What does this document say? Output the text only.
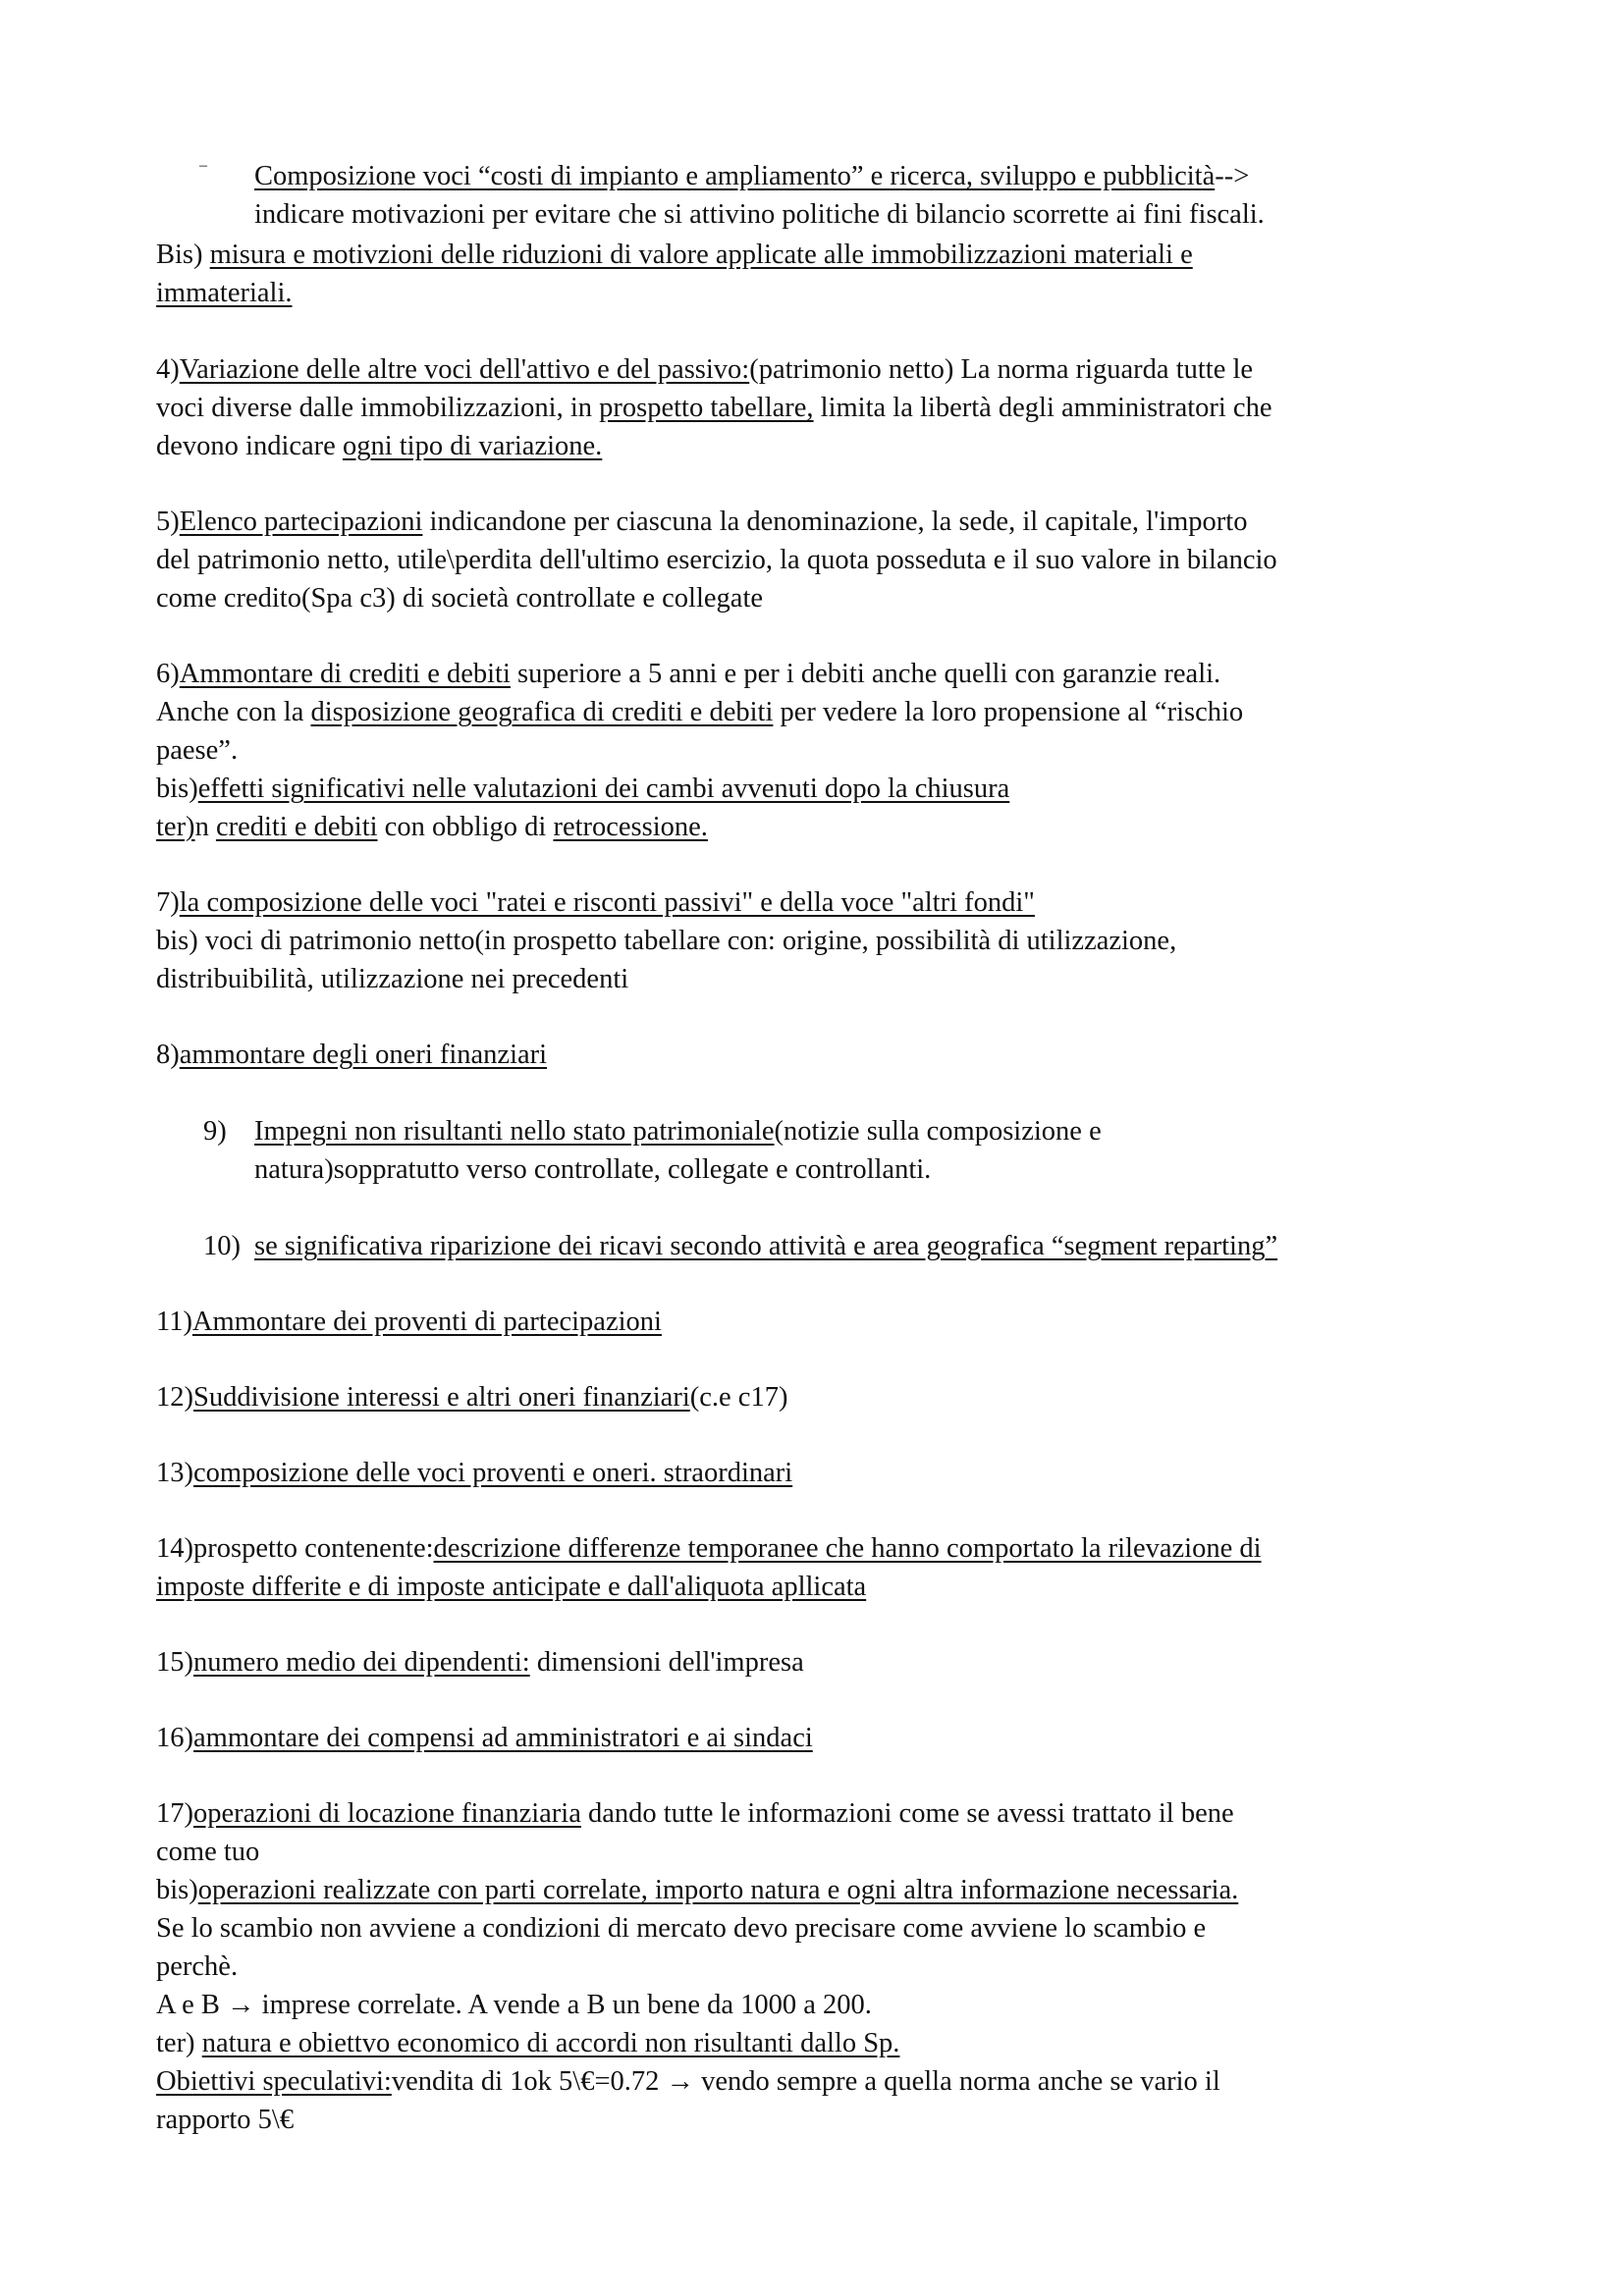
– Composizione voci “costi di impianto e ampliamento” e ricerca, sviluppo e pubblicità-->
indicare motivazioni per evitare che si attivino politiche di bilancio scorrette ai fini fiscali.
Bis) misura e motivzioni delle riduzioni di valore applicate alle immobilizzazioni materiali e
immateriali.
4)Variazione delle altre voci dell'attivo e del passivo:(patrimonio netto) La norma riguarda tutte le
voci diverse dalle immobilizzazioni, in prospetto tabellare, limita la libertà degli amministratori che
devono indicare ogni tipo di variazione.
5)Elenco partecipazioni indicandone per ciascuna la denominazione, la sede, il capitale, l'importo
del patrimonio netto, utile\perdita dell'ultimo esercizio, la quota posseduta e il suo valore in bilancio
come credito(Spa c3) di società controllate e collegate
6)Ammontare di crediti e debiti superiore a 5 anni e per i debiti anche quelli con garanzie reali.
Anche con la disposizione geografica di crediti e debiti per vedere la loro propensione al “rischio
paese”.
bis)effetti significativi nelle valutazioni dei cambi avvenuti dopo la chiusura
ter)n crediti e debiti con obbligo di retrocessione.
7)la composizione delle voci "ratei e risconti passivi" e della voce "altri fondi"
bis) voci di patrimonio netto(in prospetto tabellare con: origine, possibilità di utilizzazione,
distribuibilità, utilizzazione nei precedenti
8)ammontare degli oneri finanziari
9) Impegni non risultanti nello stato patrimoniale(notizie sulla composizione e
natura)soppratutto verso controllate, collegate e controllanti.
10) se significativa riparizione dei ricavi secondo attività e area geografica “segment reparting”
11)Ammontare dei proventi di partecipazioni
12)Suddivisione interessi e altri oneri finanziari(c.e c17)
13)composizione delle voci proventi e oneri. straordinari
14)prospetto contenente:descrizione differenze temporanee che hanno comportato la rilevazione di
imposte differite e di imposte anticipate e dall'aliquota apllicata
15)numero medio dei dipendenti: dimensioni dell'impresa
16)ammontare dei compensi ad amministratori e ai sindaci
17)operazioni di locazione finanziaria dando tutte le informazioni come se avessi trattato il bene
come tuo
bis)operazioni realizzate con parti correlate, importo natura e ogni altra informazione necessaria.
Se lo scambio non avviene a condizioni di mercato devo precisare come avviene lo scambio e
perchè.
A e B → imprese correlate. A vende a B un bene da 1000 a 200.
ter) natura e obiettvo economico di accordi non risultanti dallo Sp.
Obiettivi speculativi:vendita di 1ok 5\€=0.72 → vendo sempre a quella norma anche se vario il
rapporto 5\€
